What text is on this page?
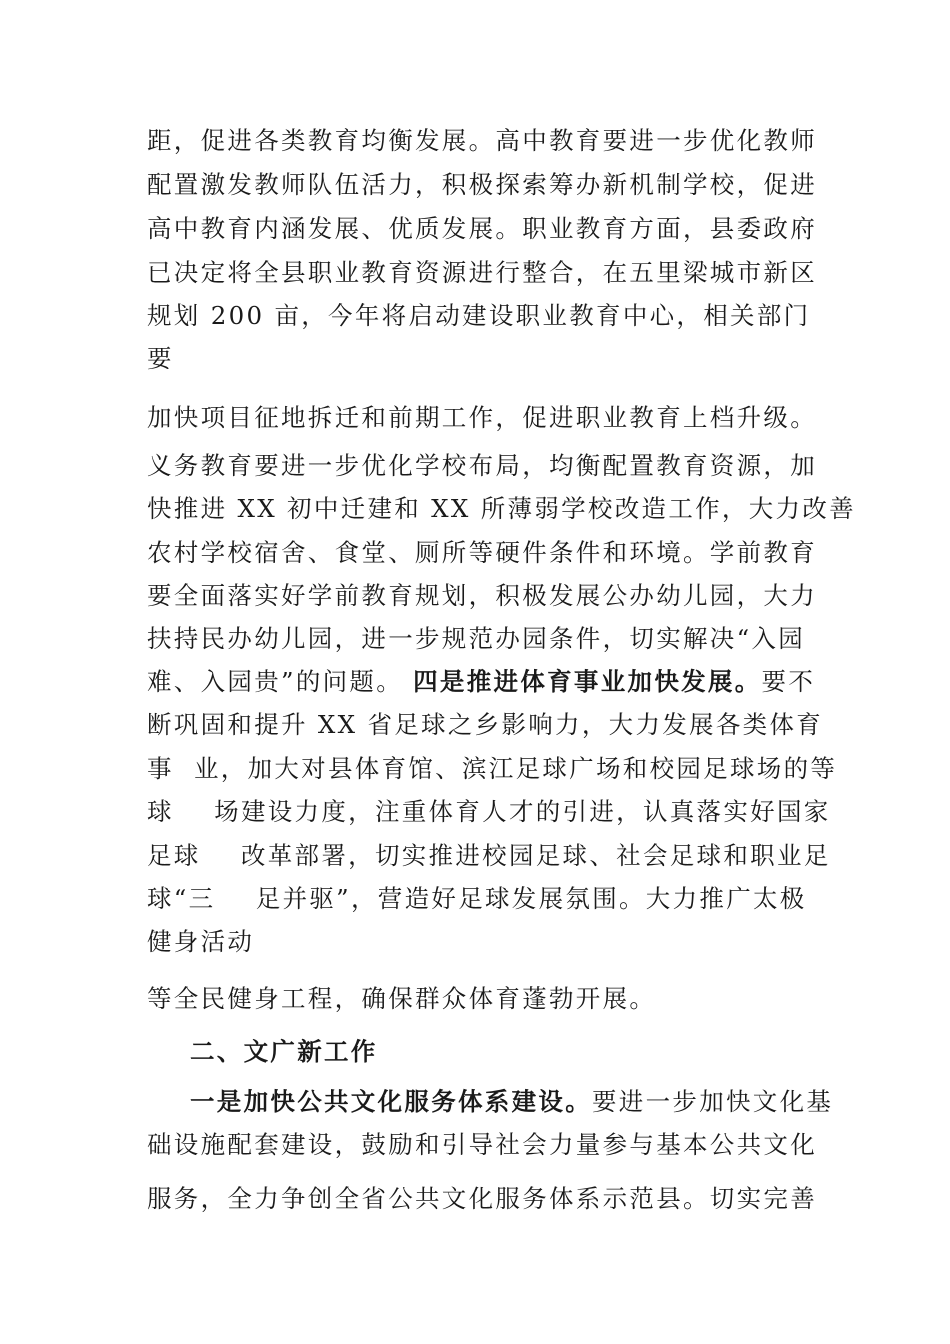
距，促进各类教育均衡发展。高中教育要进一步优化教师
配置激发教师队伍活力，积极探索筹办新机制学校，促进
高中教育内涵发展、优质发展。职业教育方面，县委政府
已决定将全县职业教育资源进行整合，在五里梁城市新区
规划 200 亩，今年将启动建设职业教育中心，相关部门
要
加快项目征地拆迁和前期工作，促进职业教育上档升级。
义务教育要进一步优化学校布局，均衡配置教育资源，加
快推进 XX 初中迁建和 XX 所薄弱学校改造工作，大力改善
农村学校宿舍、食堂、厕所等硬件条件和环境。学前教育
要全面落实好学前教育规划，积极发展公办幼儿园，大力
扶持民办幼儿园，进一步规范办园条件，切实解决“入园
难、入园贵”的问题。 四是推进体育事业加快发展。要不
断巩固和提升 XX 省足球之乡影响力，大力发展各类体育
事  业，加大对县体育馆、滨江足球广场和校园足球场的等
球    场建设力度，注重体育人才的引进，认真落实好国家
足球    改革部署，切实推进校园足球、社会足球和职业足
球“三    足并驱”，营造好足球发展氛围。大力推广太极
健身活动
等全民健身工程，确保群众体育蓬勃开展。
二、文广新工作
一是加快公共文化服务体系建设。要进一步加快文化基
础设施配套建设，鼓励和引导社会力量参与基本公共文化
服务，全力争创全省公共文化服务体系示范县。切实完善
